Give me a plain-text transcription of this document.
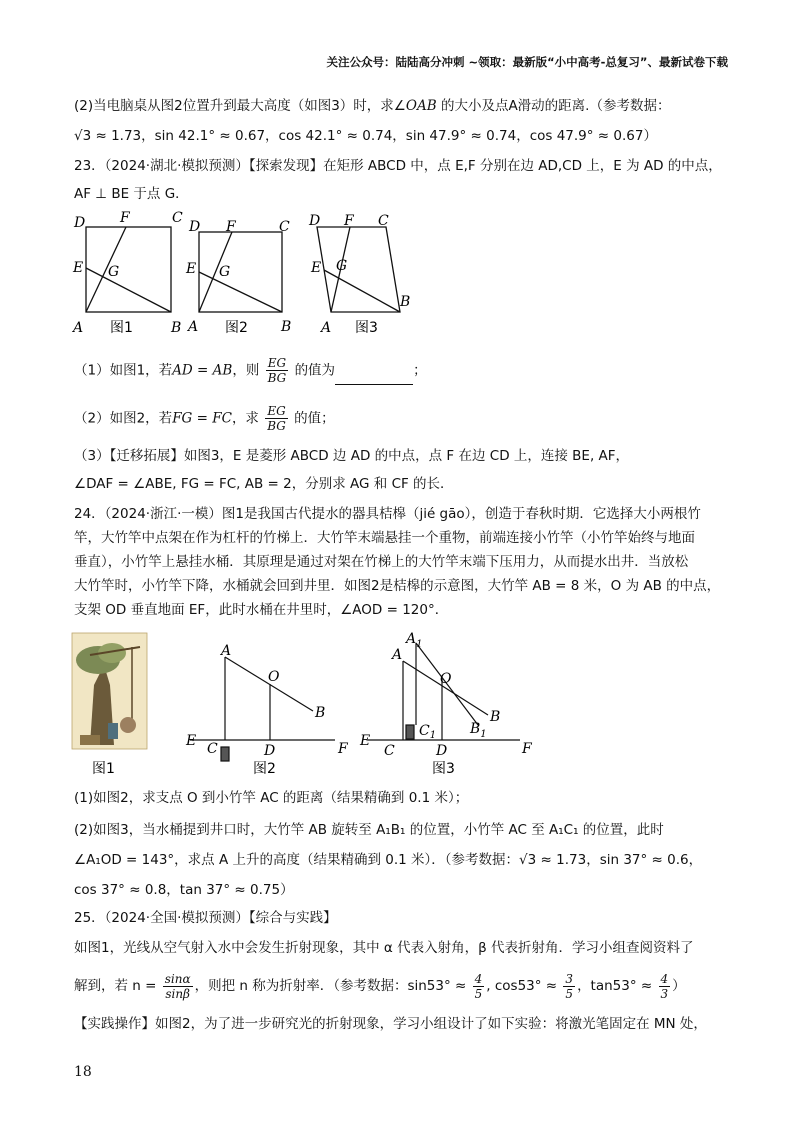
关注公众号：陆陆高分冲刺 ~领取：最新版“小中高考-总复习”、最新试卷下载
(2)当电脑桌从图2位置升到最大高度（如图3）时，求∠OAB 的大小及点A滑动的距离.（参考数据：
√3 ≈ 1.73，sin 42.1° ≈ 0.67，cos 42.1° ≈ 0.74，sin 47.9° ≈ 0.74，cos 47.9° ≈ 0.67）
23．（2024·湖北·模拟预测）【探索发现】在矩形 ABCD 中，点 E,F 分别在边 AD,CD 上，E 为 AD 的中点，
AF ⊥ BE 于点 G．
D F	C
E G
A	B
D F	C
E G
A	B
D F C
E G
A
B
图1	图2	图3
（1）如图1，若AD = AB，则 $\frac{EG}{BG}$ 的值为	；
（2）如图2，若FG = FC，求 $\frac{EG}{BG}$ 的值；
（3）【迁移拓展】如图3，E 是菱形 ABCD 边 AD 的中点，点 F 在边 CD 上，连接 BE, AF，
∠DAF = ∠ABE, FG = FC, AB = 2，分别求 AG 和 CF 的长．
24．（2024·浙江·一模）图1是我国古代提水的器具桔槔（jié gāo），创造于春秋时期．它选择大小两根竹
竿，大竹竿中点架在作为杠杆的竹梯上．大竹竿末端悬挂一个重物，前端连接小竹竿（小竹竿始终与地面
垂直），小竹竿上悬挂水桶．其原理是通过对架在竹梯上的大竹竿末端下压用力，从而提水出井．当放松
大竹竿时，小竹竿下降，水桶就会回到井里．如图2是桔槔的示意图，大竹竿 AB = 8 米，O 为 AB 的中点，
支架 OD 垂直地面 EF，此时水桶在井里时，∠AOD = 120°．
A
O
B
E C	D	F
图1	图2	图3
$A_1$
A
O
$C_1$ $B_1$
B
E
C	D	F
(1)如图2，求支点 O 到小竹竿 AC 的距离（结果精确到 0.1 米）；
(2)如图3，当水桶提到井口时，大竹竿 AB 旋转至 A₁B₁ 的位置，小竹竿 AC 至 A₁C₁ 的位置，此时
∠A₁OD = 143°，求点 A 上升的高度（结果精确到 0.1 米）．（参考数据：√3 ≈ 1.73，sin 37° ≈ 0.6，
cos 37° ≈ 0.8，tan 37° ≈ 0.75）
25．（2024·全国·模拟预测）【综合与实践】
如图1，光线从空气射入水中会发生折射现象，其中 α 代表入射角，β 代表折射角．学习小组查阅资料了
解到，若 $n = \frac{\sin\alpha}{\sin\beta}$ ，则把 n 称为折射率．（参考数据：$\sin 53^\circ \approx \frac{4}{5}$ , $\cos 53^\circ \approx \frac{3}{5}$ ，$\tan 53^\circ \approx \frac{4}{3}$ ）
【实践操作】如图2，为了进一步研究光的折射现象，学习小组设计了如下实验：将激光笔固定在 MN 处，
18
